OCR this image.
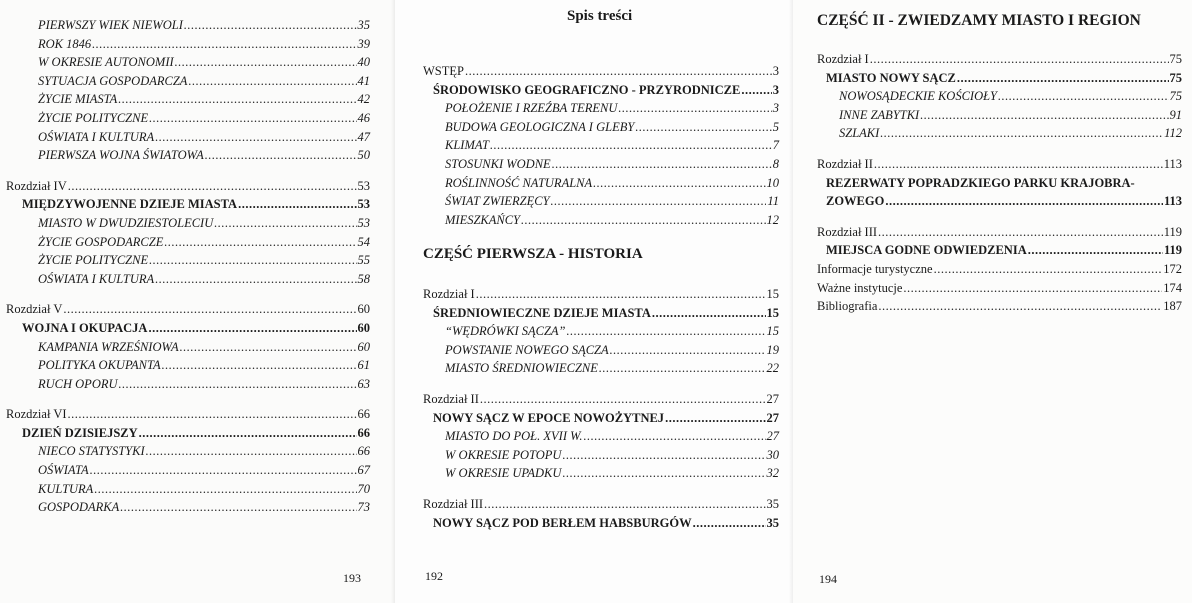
PIERWSZY WIEK NIEWOLI .....	35
ROK 1846 .....	39
W OKRESIE AUTONOMII .....	40
SYTUACJA GOSPODARCZA .....	41
ŻYCIE MIASTA .....	42
ŻYCIE POLITYCZNE .....	46
OŚWIATA I KULTURA .....	47
PIERWSZA WOJNA ŚWIATOWA .....	50
Rozdział IV .....	53
MIĘDZYWOJENNE DZIEJE MIASTA .....	53
MIASTO W DWUDZIESTOLECIU .....	53
ŻYCIE GOSPODARCZE .....	54
ŻYCIE POLITYCZNE .....	55
OŚWIATA I KULTURA .....	58
Rozdział V .....	60
WOJNA I OKUPACJA .....	60
KAMPANIA WRZEŚNIOWA .....	60
POLITYKA OKUPANTA .....	61
RUCH OPORU .....	63
Rozdział VI .....	66
DZIEŃ DZISIEJSZY .....	66
NIECO STATYSTYKI .....	66
OŚWIATA .....	67
KULTURA .....	70
GOSPODARKA .....	73
193
Spis treści
WSTĘP .....	3
ŚRODOWISKO GEOGRAFICZNO - PRZYRODNICZE .....	3
POŁOŻENIE I RZEŹBA TERENU .....	3
BUDOWA GEOLOGICZNA I GLEBY .....	5
KLIMAT .....	7
STOSUNKI WODNE .....	8
ROŚLINNOŚĆ NATURALNA .....	10
ŚWIAT ZWIERZĘCY .....	11
MIESZKAŃCY .....	12
CZĘŚĆ PIERWSZA - HISTORIA
Rozdział I .....	15
ŚREDNIOWIECZNE DZIEJE MIASTA .....	15
“WĘDRÓWKI SĄCZA” .....	15
POWSTANIE NOWEGO SĄCZA .....	19
MIASTO ŚREDNIOWIECZNE .....	22
Rozdział II .....	27
NOWY SĄCZ W EPOCE NOWOŻYTNEJ .....	27
MIASTO DO POŁ. XVII W. .....	27
W OKRESIE POTOPU .....	30
W OKRESIE UPADKU .....	32
Rozdział III .....	35
NOWY SĄCZ POD BERŁEM HABSBURGÓW .....	35
192
CZĘŚĆ II - ZWIEDZAMY MIASTO I REGION
Rozdział I .....	75
MIASTO NOWY SĄCZ .....	75
NOWOSĄDECKIE KOŚCIOŁY .....	75
INNE ZABYTKI .....	91
SZLAKI .....	112
Rozdział II .....	113
REZERWATY POPRADZKIEGO PARKU KRAJOBRA-
ZOWEGO .....	113
Rozdział III .....	119
MIEJSCA GODNE ODWIEDZENIA .....	119
Informacje turystyczne .....	172
Ważne instytucje .....	174
Bibliografia .....	187
194
